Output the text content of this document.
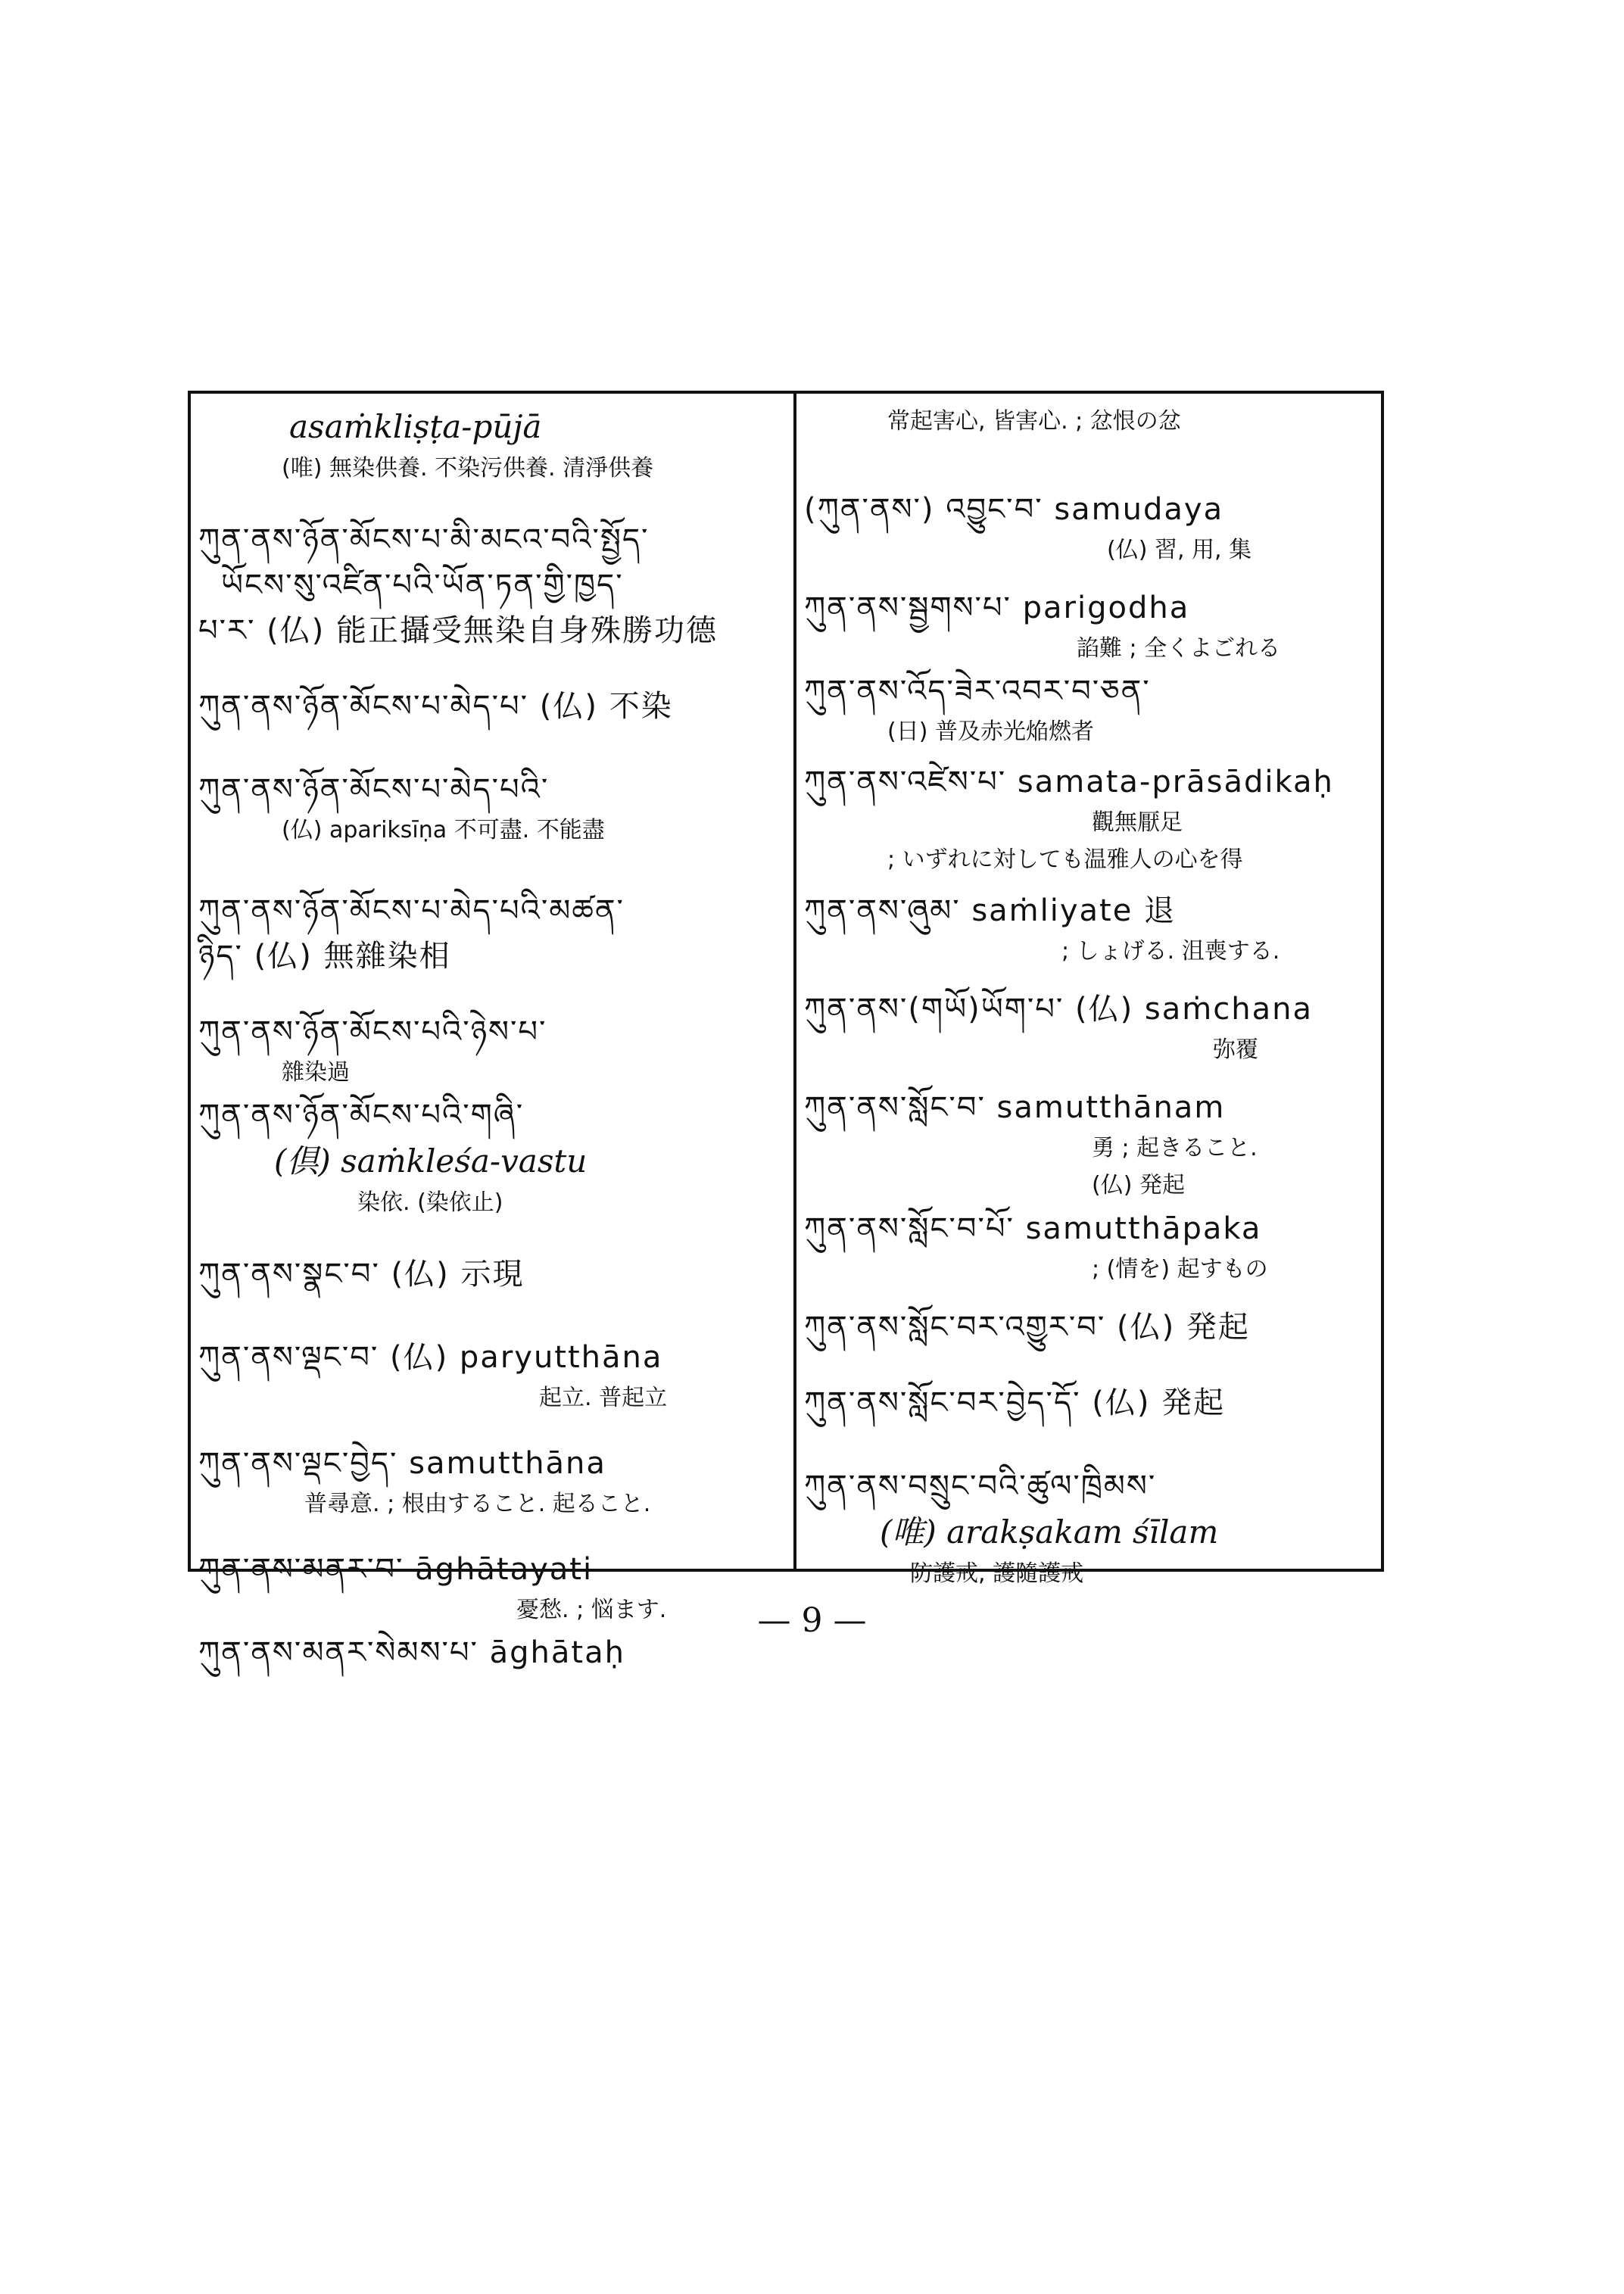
asaṁkliṣṭa-pūjā
(唯) 無染供養. 不染污供養. 清淨供養
ཀུན་ནས་ཉོན་མོངས་པ་མི་མངའ་བའི་སྤྱོད་
ཡོངས་སུ་འཛིན་པའི་ཡོན་ཏན་གྱི་ཁྱད་
པ་ར་ (仏) 能正攝受無染自身殊勝功德
ཀུན་ནས་ཉོན་མོངས་པ་མེད་པ་ (仏) 不染
ཀུན་ནས་ཉོན་མོངས་པ་མེད་པའི་
(仏) apariksīṇa 不可盡. 不能盡
ཀུན་ནས་ཉོན་མོངས་པ་མེད་པའི་མཚན་
ཉིད་ (仏) 無雜染相
ཀུན་ནས་ཉོན་མོངས་པའི་ཉེས་པ་
雜染過
ཀུན་ནས་ཉོན་མོངས་པའི་གཞི་
(倶) saṁkleśa-vastu
染依. (染依止)
ཀུན་ནས་སྣང་བ་ (仏) 示現
ཀུན་ནས་ལྡང་བ་ (仏) paryutthāna
起立. 普起立
ཀུན་ནས་ལྡང་བྱེད་ samutthāna
普尋意. ; 根由すること. 起ること.
ཀུན་ནས་མནར་བ་ āghātayati
憂愁. ; 悩ます.
ཀུན་ནས་མནར་སེམས་པ་ āghātaḥ
常起害心, 皆害心. ; 忿恨の忿
(ཀུན་ནས་) འབྱུང་བ་ samudaya
(仏) 習, 用, 集
ཀུན་ནས་སྦྱགས་པ་ parigodha
諂難 ; 全くよごれる
ཀུན་ནས་འོད་ཟེར་འབར་བ་ཅན་
(日) 普及赤光焔燃者
ཀུན་ནས་འཛེས་པ་ samata-prāsādikaḥ
觀無厭足
; いずれに対しても温雅人の心を得
ཀུན་ནས་ཞུམ་ saṁliyate 退
; しょげる. 沮喪する.
ཀུན་ནས་(གཡོ)ཡོག་པ་ (仏) saṁchana
弥覆
ཀུན་ནས་སློང་བ་ samutthānam
勇 ; 起きること.
(仏) 発起
ཀུན་ནས་སློང་བ་པོ་ samutthāpaka
; (情を) 起すもの
ཀུན་ནས་སློང་བར་འགྱུར་བ་ (仏) 発起
ཀུན་ནས་སློང་བར་བྱེད་དོ་ (仏) 発起
ཀུན་ནས་བསྲུང་བའི་ཚུལ་ཁྲིམས་
(唯) arakṣakam śīlam
防護戒, 護隨護戒
— 9 —
